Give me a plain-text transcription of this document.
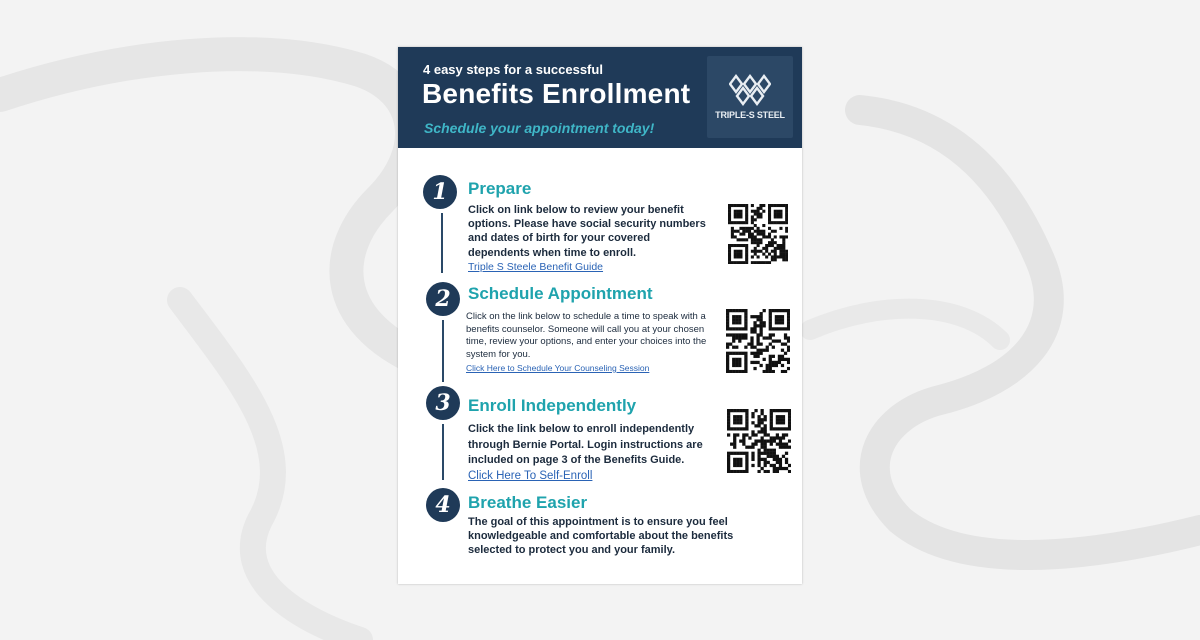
4 easy steps for a successful
Benefits Enrollment
Schedule your appointment today!
TRIPLE-S STEEL
1	Prepare
Click on link below to review your benefit options. Please have social security numbers and dates of birth for your covered dependents when time to enroll.
Triple S Steele Benefit Guide
2	Schedule Appointment
Click on the link below to schedule a time to speak with a benefits counselor. Someone will call you at your chosen time, review your options, and enter your choices into the system for you.
Click Here to Schedule Your Counseling Session
3	Enroll Independently
Click the link below to enroll independently through Bernie Portal. Login instructions are included on page 3 of the Benefits Guide.
Click Here To Self-Enroll
4	Breathe Easier
The goal of this appointment is to ensure you feel knowledgeable and comfortable about the benefits selected to protect you and your family.
